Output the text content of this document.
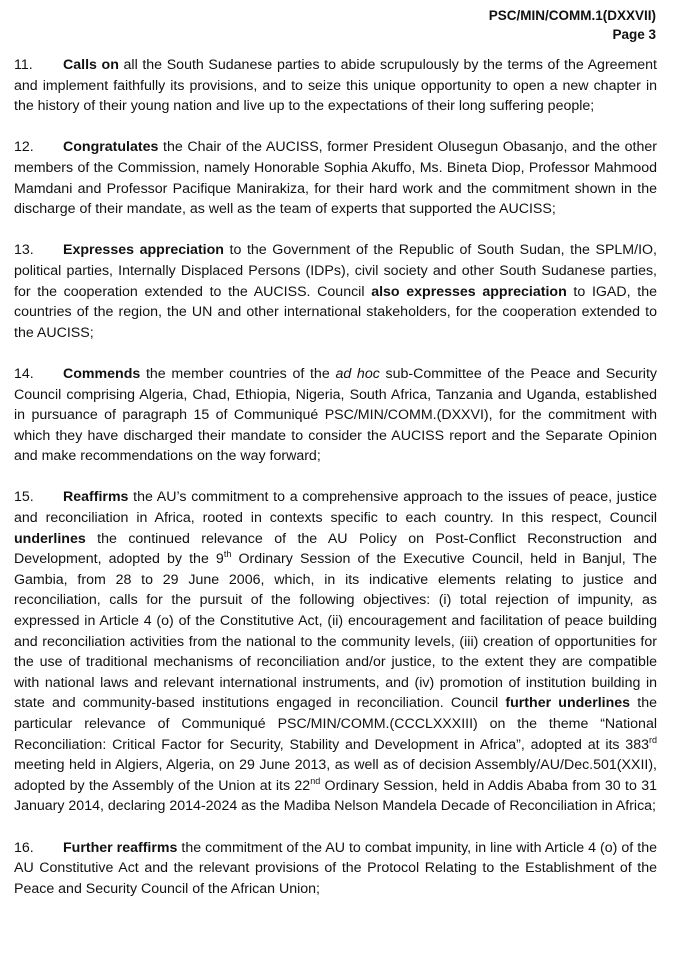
PSC/MIN/COMM.1(DXXVII)
Page 3

11. Calls on all the South Sudanese parties to abide scrupulously by the terms of the Agreement and implement faithfully its provisions, and to seize this unique opportunity to open a new chapter in the history of their young nation and live up to the expectations of their long suffering people;

12. Congratulates the Chair of the AUCISS, former President Olusegun Obasanjo, and the other members of the Commission, namely Honorable Sophia Akuffo, Ms. Bineta Diop, Professor Mahmood Mamdani and Professor Pacifique Manirakiza, for their hard work and the commitment shown in the discharge of their mandate, as well as the team of experts that supported the AUCISS;

13. Expresses appreciation to the Government of the Republic of South Sudan, the SPLM/IO, political parties, Internally Displaced Persons (IDPs), civil society and other South Sudanese parties, for the cooperation extended to the AUCISS. Council also expresses appreciation to IGAD, the countries of the region, the UN and other international stakeholders, for the cooperation extended to the AUCISS;

14. Commends the member countries of the ad hoc sub-Committee of the Peace and Security Council comprising Algeria, Chad, Ethiopia, Nigeria, South Africa, Tanzania and Uganda, established in pursuance of paragraph 15 of Communiqué PSC/MIN/COMM.(DXXVI), for the commitment with which they have discharged their mandate to consider the AUCISS report and the Separate Opinion and make recommendations on the way forward;

15. Reaffirms the AU’s commitment to a comprehensive approach to the issues of peace, justice and reconciliation in Africa, rooted in contexts specific to each country. In this respect, Council underlines the continued relevance of the AU Policy on Post-Conflict Reconstruction and Development, adopted by the 9th Ordinary Session of the Executive Council, held in Banjul, The Gambia, from 28 to 29 June 2006, which, in its indicative elements relating to justice and reconciliation, calls for the pursuit of the following objectives: (i) total rejection of impunity, as expressed in Article 4 (o) of the Constitutive Act, (ii) encouragement and facilitation of peace building and reconciliation activities from the national to the community levels, (iii) creation of opportunities for the use of traditional mechanisms of reconciliation and/or justice, to the extent they are compatible with national laws and relevant international instruments, and (iv) promotion of institution building in state and community-based institutions engaged in reconciliation. Council further underlines the particular relevance of Communiqué PSC/MIN/COMM.(CCCLXXXIII) on the theme “National Reconciliation: Critical Factor for Security, Stability and Development in Africa”, adopted at its 383rd meeting held in Algiers, Algeria, on 29 June 2013, as well as of decision Assembly/AU/Dec.501(XXII), adopted by the Assembly of the Union at its 22nd Ordinary Session, held in Addis Ababa from 30 to 31 January 2014, declaring 2014-2024 as the Madiba Nelson Mandela Decade of Reconciliation in Africa;

16. Further reaffirms the commitment of the AU to combat impunity, in line with Article 4 (o) of the AU Constitutive Act and the relevant provisions of the Protocol Relating to the Establishment of the Peace and Security Council of the African Union;
